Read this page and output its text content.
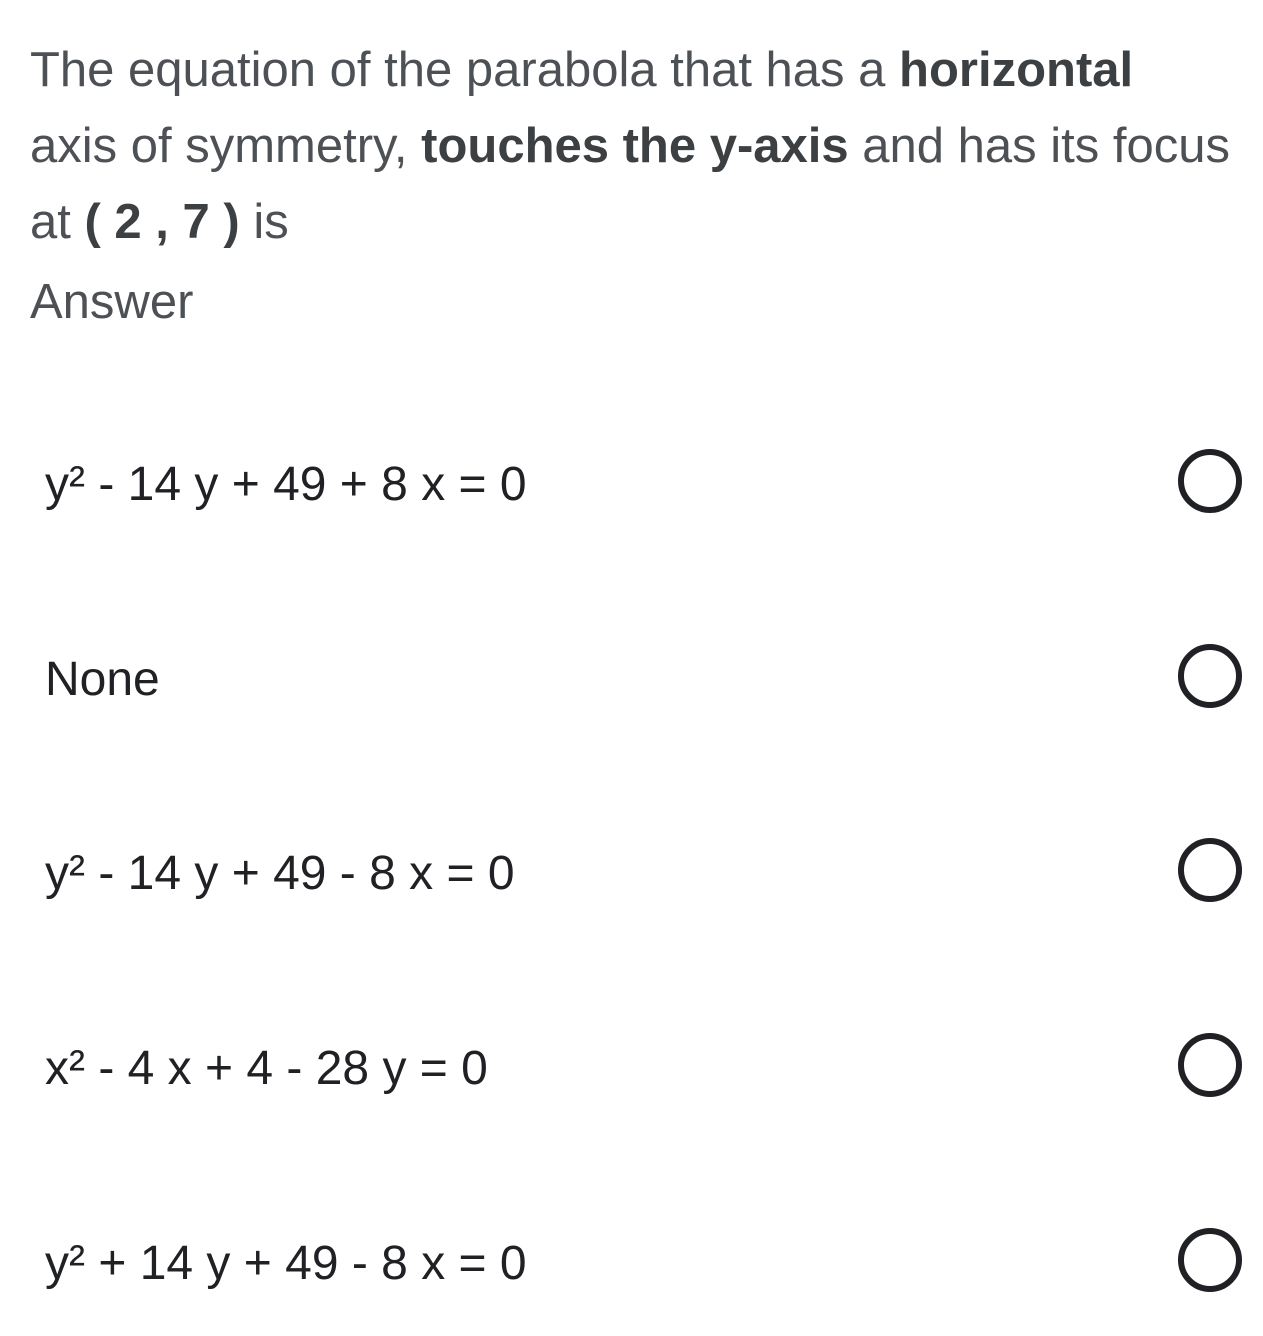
The equation of the parabola that has a horizontal axis of symmetry, touches the y-axis and has its focus at ( 2 , 7 ) is

Answer

y² - 14 y + 49 + 8 x = 0
None
y² - 14 y + 49 - 8 x = 0
x² - 4 x + 4 - 28 y = 0
y² + 14 y + 49 - 8 x = 0
